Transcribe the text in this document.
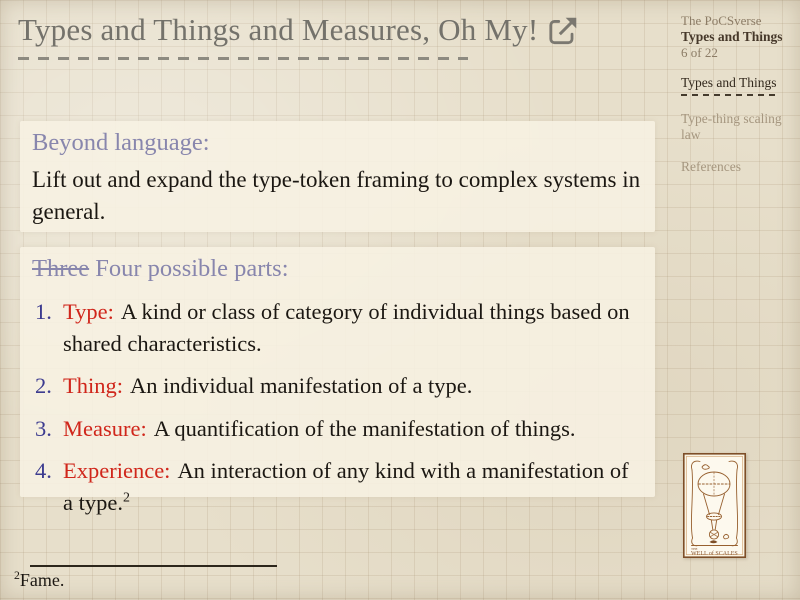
Types and Things and Measures, Oh My!	The PoCSverse
Types and Things
6 of 22
Types and Things
Type-thing scaling law
References
Beyond language:
Lift out and expand the type-token framing to complex systems in general.
Three Four possible parts:
1. Type: A kind or class of category of individual things based on shared characteristics.
2. Thing: An individual manifestation of a type.
3. Measure: A quantification of the manifestation of things.
4. Experience: An interaction of any kind with a manifestation of a type.$^2$
$^2$Fame.
THE
WELL of SCALES
